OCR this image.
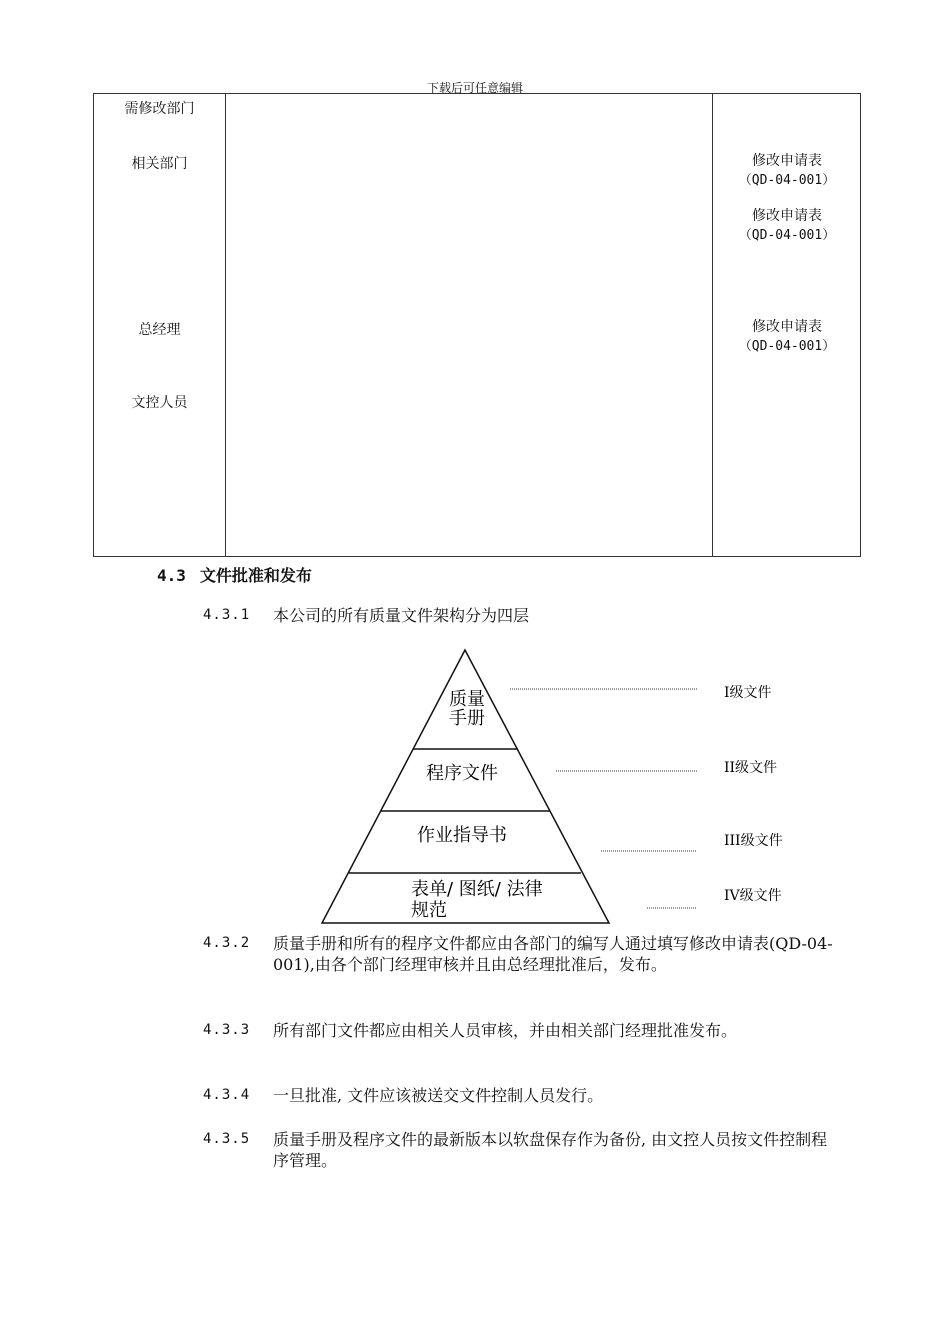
下载后可任意编辑
需修改部门
相关部门
总经理
文控人员
修改申请表
（QD-04-001）
修改申请表
（QD-04-001）
修改申请表
（QD-04-001）
4.3 文件批准和发布
4.3.1 本公司的所有质量文件架构分为四层
质量
手册
程序文件
作业指导书
表单/ 图纸/ 法律
规范
I级文件
II级文件
III级文件
IV级文件
4.3.2 质量手册和所有的程序文件都应由各部门的编写人通过填写修改申请表(QD-04-001),由各个部门经理审核并且由总经理批准后，发布。
4.3.3 所有部门文件都应由相关人员审核，并由相关部门经理批准发布。
4.3.4 一旦批准, 文件应该被送交文件控制人员发行。
4.3.5 质量手册及程序文件的最新版本以软盘保存作为备份, 由文控人员按文件控制程序管理。
